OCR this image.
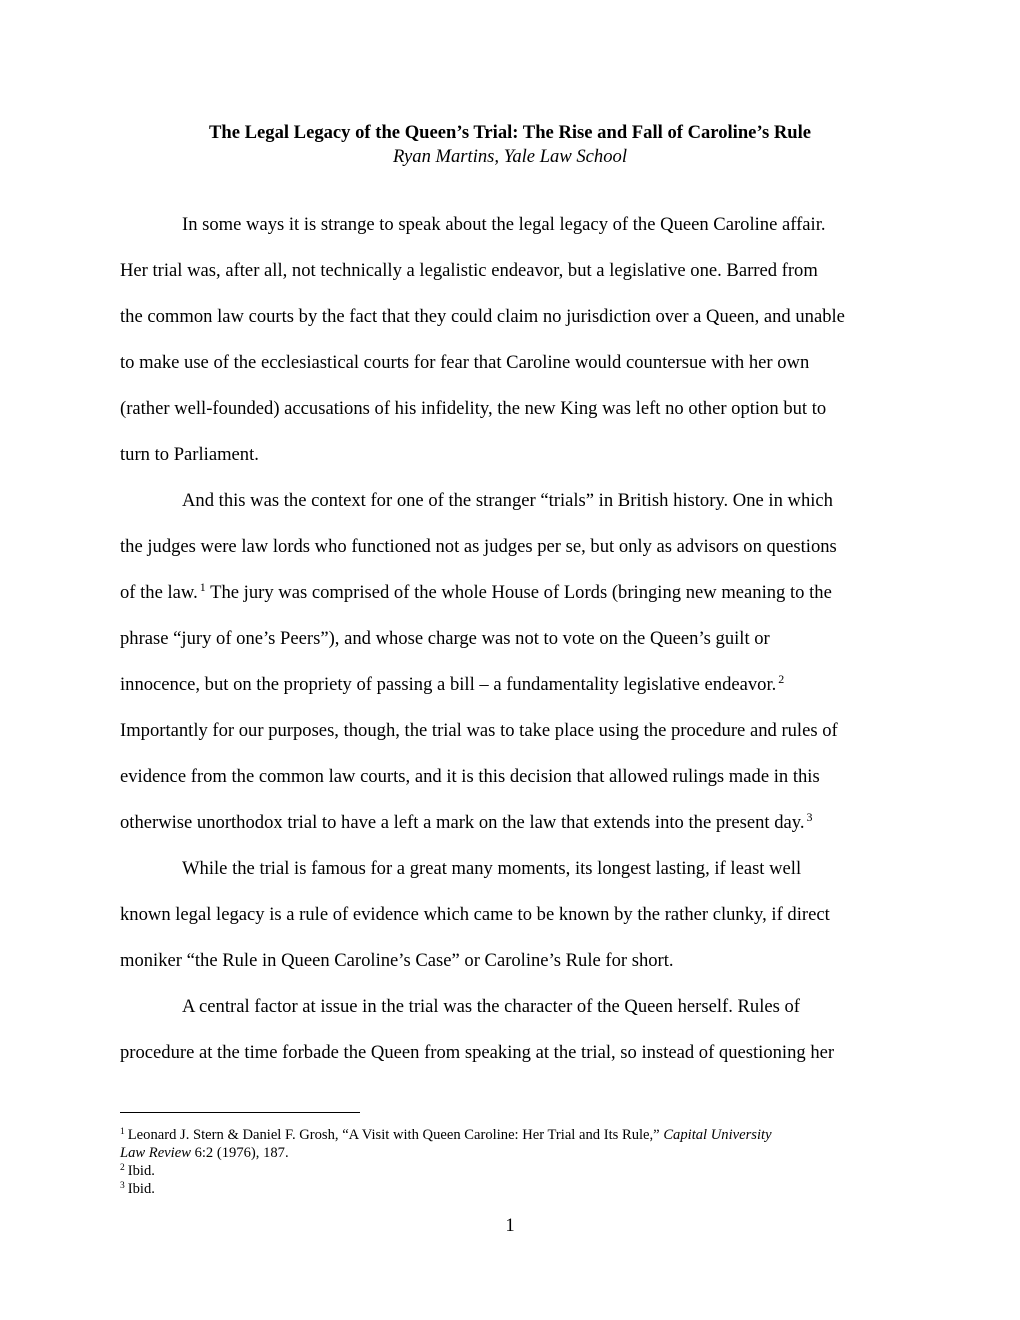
The Legal Legacy of the Queen’s Trial: The Rise and Fall of Caroline’s Rule
Ryan Martins, Yale Law School
In some ways it is strange to speak about the legal legacy of the Queen Caroline affair.
Her trial was, after all, not technically a legalistic endeavor, but a legislative one. Barred from
the common law courts by the fact that they could claim no jurisdiction over a Queen, and unable
to make use of the ecclesiastical courts for fear that Caroline would countersue with her own
(rather well-founded) accusations of his infidelity, the new King was left no other option but to
turn to Parliament.
And this was the context for one of the stranger “trials” in British history. One in which
the judges were law lords who functioned not as judges per se, but only as advisors on questions
of the law. $^1$ The jury was comprised of the whole House of Lords (bringing new meaning to the
phrase “jury of one’s Peers”), and whose charge was not to vote on the Queen’s guilt or
innocence, but on the propriety of passing a bill – a fundamentality legislative endeavor. $^2$
Importantly for our purposes, though, the trial was to take place using the procedure and rules of
evidence from the common law courts, and it is this decision that allowed rulings made in this
otherwise unorthodox trial to have a left a mark on the law that extends into the present day. $^3$
While the trial is famous for a great many moments, its longest lasting, if least well
known legal legacy is a rule of evidence which came to be known by the rather clunky, if direct
moniker “the Rule in Queen Caroline’s Case” or Caroline’s Rule for short.
A central factor at issue in the trial was the character of the Queen herself. Rules of
procedure at the time forbade the Queen from speaking at the trial, so instead of questioning her
$^1$ Leonard J. Stern & Daniel F. Grosh, “A Visit with Queen Caroline: Her Trial and Its Rule,” Capital University
Law Review 6:2 (1976), 187.
$^2$ Ibid.
$^3$ Ibid.
1
